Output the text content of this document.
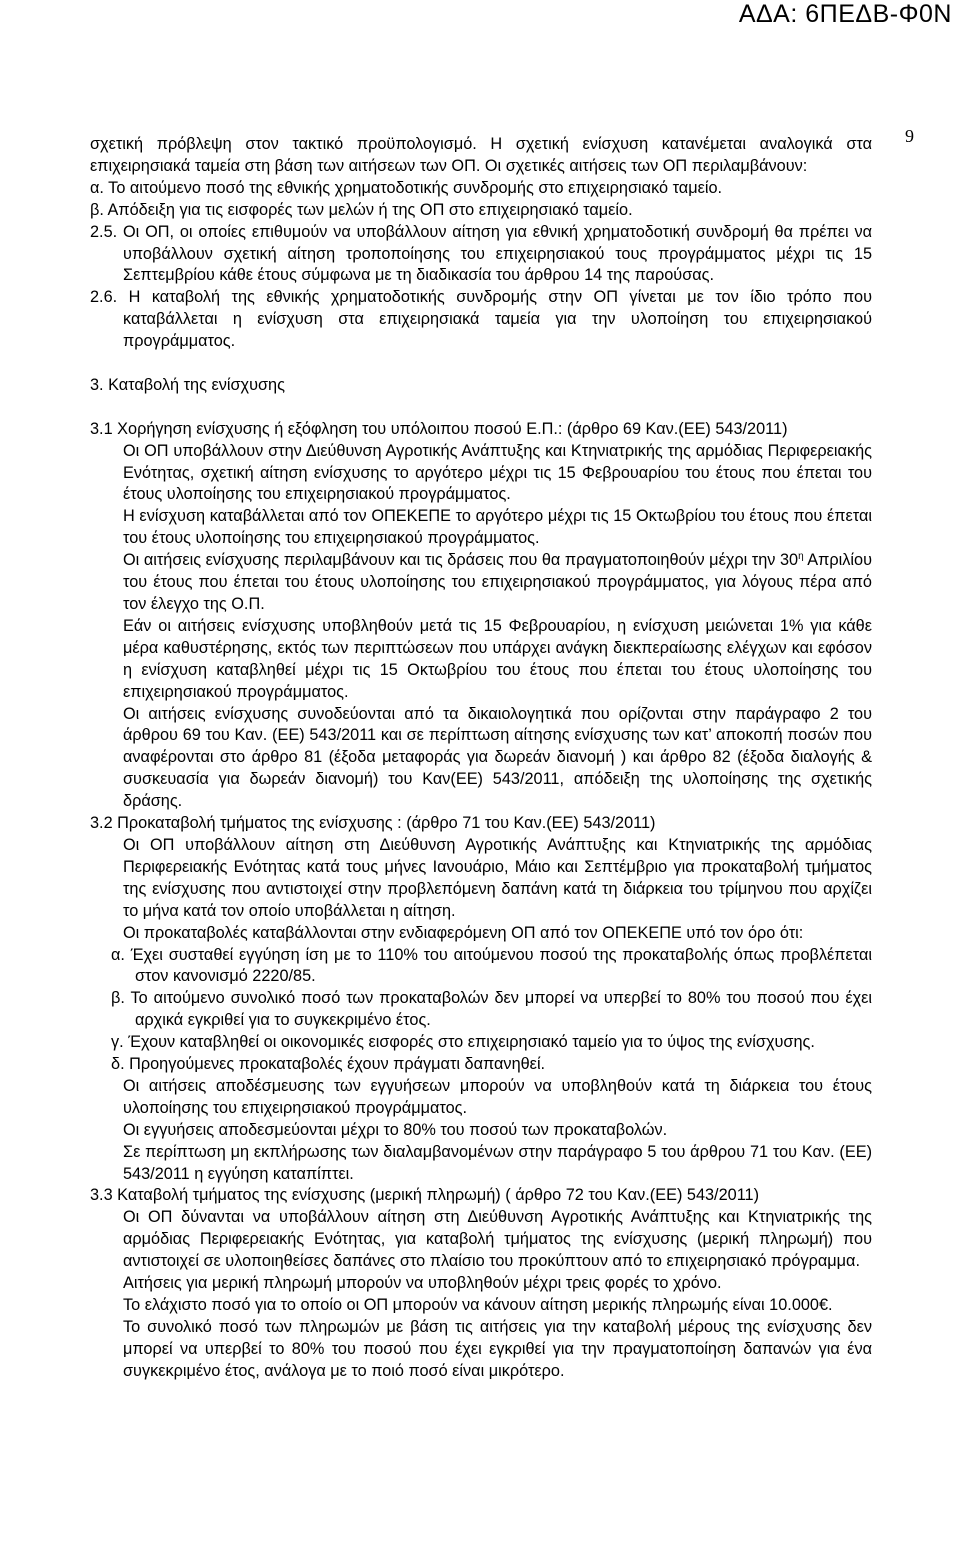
ΑΔΑ: 6ΠΕΔΒ-Φ0Ν
9

σχετική πρόβλεψη στον τακτικό προϋπολογισμό. Η σχετική ενίσχυση κατανέμεται αναλογικά στα επιχειρησιακά ταμεία στη βάση των αιτήσεων των ΟΠ. Οι σχετικές αιτήσεις των ΟΠ περιλαμβάνουν:

α. Το αιτούμενο ποσό της εθνικής χρηματοδοτικής συνδρομής στο επιχειρησιακό ταμείο.

β. Απόδειξη για τις εισφορές των μελών ή της ΟΠ στο επιχειρησιακό ταμείο.

2.5. Οι ΟΠ, οι οποίες επιθυμούν να υποβάλλουν αίτηση για εθνική χρηματοδοτική συνδρομή θα πρέπει να υποβάλλουν σχετική αίτηση τροποποίησης του επιχειρησιακού τους προγράμματος μέχρι τις 15 Σεπτεμβρίου κάθε έτους σύμφωνα με τη διαδικασία του άρθρου 14 της παρούσας.

2.6. Η καταβολή της εθνικής χρηματοδοτικής συνδρομής στην ΟΠ γίνεται με τον ίδιο τρόπο που καταβάλλεται η ενίσχυση στα επιχειρησιακά ταμεία για την υλοποίηση του επιχειρησιακού προγράμματος.

3. Καταβολή της ενίσχυσης

3.1 Χορήγηση ενίσχυσης ή εξόφληση του υπόλοιπου ποσού Ε.Π.: (άρθρο 69 Καν.(ΕΕ) 543/2011)

Οι ΟΠ υποβάλλουν στην Διεύθυνση Αγροτικής Ανάπτυξης και Κτηνιατρικής της αρμόδιας Περιφερειακής Ενότητας, σχετική αίτηση ενίσχυσης το αργότερο μέχρι τις 15 Φεβρουαρίου του έτους που έπεται του έτους υλοποίησης του επιχειρησιακού προγράμματος.

Η ενίσχυση καταβάλλεται από τον ΟΠΕΚΕΠΕ το αργότερο μέχρι τις 15 Οκτωβρίου του έτους που έπεται του έτους υλοποίησης του επιχειρησιακού προγράμματος.

Οι αιτήσεις ενίσχυσης περιλαμβάνουν και τις δράσεις που θα πραγματοποιηθούν μέχρι την $30^\eta$ Απριλίου του έτους που έπεται του έτους υλοποίησης του επιχειρησιακού προγράμματος, για λόγους πέρα από τον έλεγχο της Ο.Π.

Εάν οι αιτήσεις ενίσχυσης υποβληθούν μετά τις 15 Φεβρουαρίου, η ενίσχυση μειώνεται 1% για κάθε μέρα καθυστέρησης, εκτός των περιπτώσεων που υπάρχει ανάγκη διεκπεραίωσης ελέγχων και εφόσον η ενίσχυση καταβληθεί μέχρι τις 15 Οκτωβρίου του έτους που έπεται του έτους υλοποίησης του επιχειρησιακού προγράμματος.

Οι αιτήσεις ενίσχυσης συνοδεύονται από τα δικαιολογητικά που ορίζονται στην παράγραφο 2 του άρθρου 69 του Καν. (ΕΕ) 543/2011 και σε περίπτωση αίτησης ενίσχυσης των κατ’ αποκοπή ποσών που αναφέρονται στο άρθρο 81 (έξοδα μεταφοράς για δωρεάν διανομή ) και άρθρο 82 (έξοδα διαλογής & συσκευασία για δωρεάν διανομή) του Καν(ΕΕ) 543/2011, απόδειξη της υλοποίησης της σχετικής δράσης.

3.2 Προκαταβολή τμήματος της ενίσχυσης : (άρθρο 71 του Καν.(ΕΕ) 543/2011)

Οι ΟΠ υποβάλλουν αίτηση στη Διεύθυνση Αγροτικής Ανάπτυξης και Κτηνιατρικής της αρμόδιας Περιφερειακής Ενότητας κατά τους μήνες Ιανουάριο, Μάιο και Σεπτέμβριο για προκαταβολή τμήματος της ενίσχυσης που αντιστοιχεί στην προβλεπόμενη δαπάνη κατά τη διάρκεια του τρίμηνου που αρχίζει το μήνα κατά τον οποίο υποβάλλεται η αίτηση.

Οι προκαταβολές καταβάλλονται στην ενδιαφερόμενη ΟΠ από τον ΟΠΕΚΕΠΕ υπό τον όρο ότι:

α. Έχει συσταθεί εγγύηση ίση με το 110% του αιτούμενου ποσού της προκαταβολής όπως προβλέπεται στον κανονισμό 2220/85.

β. Το αιτούμενο συνολικό ποσό των προκαταβολών δεν μπορεί να υπερβεί το 80% του ποσού που έχει αρχικά εγκριθεί για το συγκεκριμένο έτος.

γ. Έχουν καταβληθεί οι οικονομικές εισφορές στο επιχειρησιακό ταμείο για το ύψος της ενίσχυσης.

δ. Προηγούμενες προκαταβολές έχουν πράγματι δαπανηθεί.

Οι αιτήσεις αποδέσμευσης των εγγυήσεων μπορούν να υποβληθούν κατά τη διάρκεια του έτους υλοποίησης του επιχειρησιακού προγράμματος.

Οι εγγυήσεις αποδεσμεύονται μέχρι το 80% του ποσού των προκαταβολών.

Σε περίπτωση μη εκπλήρωσης των διαλαμβανομένων στην παράγραφο 5 του άρθρου 71 του Καν. (ΕΕ) 543/2011 η εγγύηση καταπίπτει.

3.3 Καταβολή τμήματος της ενίσχυσης (μερική πληρωμή) ( άρθρο 72 του Καν.(ΕΕ) 543/2011)

Οι ΟΠ δύνανται να υποβάλλουν αίτηση στη Διεύθυνση Αγροτικής Ανάπτυξης και Κτηνιατρικής της αρμόδιας Περιφερειακής Ενότητας, για καταβολή τμήματος της ενίσχυσης (μερική πληρωμή) που αντιστοιχεί σε υλοποιηθείσες δαπάνες στο πλαίσιο του προκύπτουν από το επιχειρησιακό πρόγραμμα.

Αιτήσεις για μερική πληρωμή μπορούν να υποβληθούν μέχρι τρεις φορές το χρόνο.

Το ελάχιστο ποσό για το οποίο οι ΟΠ μπορούν να κάνουν αίτηση μερικής πληρωμής είναι 10.000€.

Το συνολικό ποσό των πληρωμών με βάση τις αιτήσεις για την καταβολή μέρους της ενίσχυσης δεν μπορεί να υπερβεί το 80% του ποσού που έχει εγκριθεί για την πραγματοποίηση δαπανών για ένα συγκεκριμένο έτος, ανάλογα με το ποιό ποσό είναι μικρότερο.
